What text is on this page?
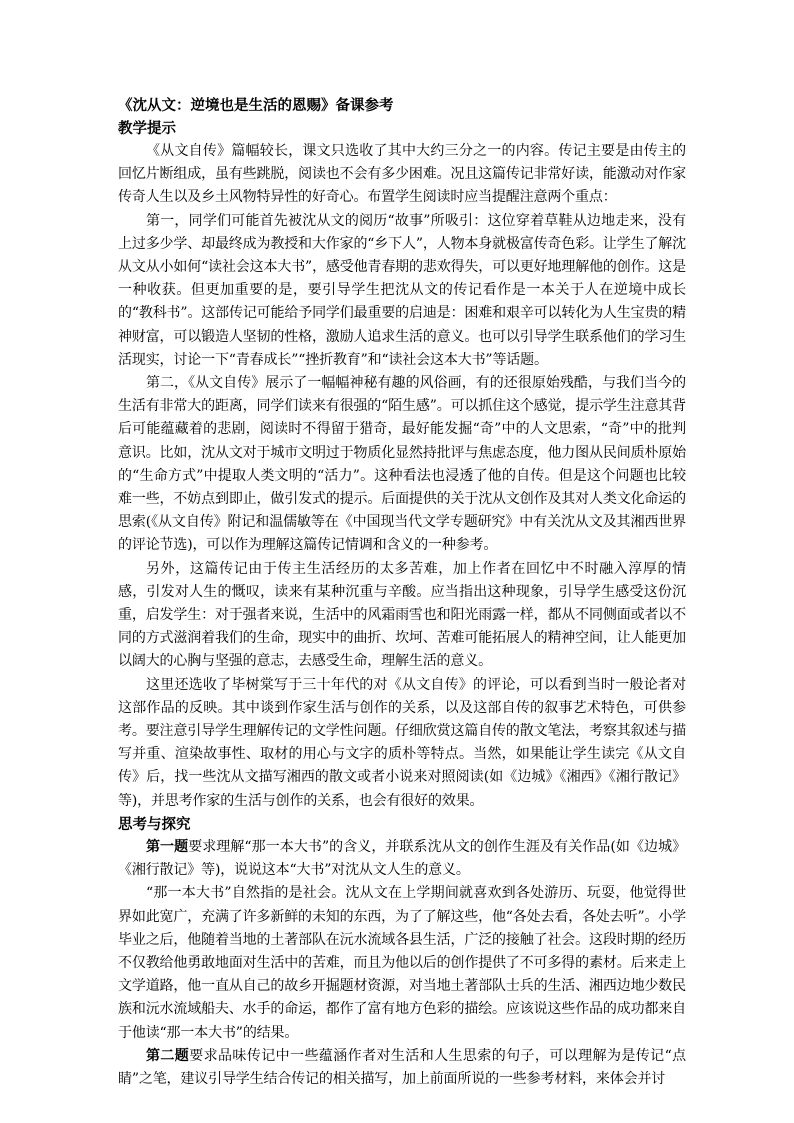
《沈从文：逆境也是生活的恩赐》备课参考

教学提示

《从文自传》篇幅较长，课文只选收了其中大约三分之一的内容。传记主要是由传主的回忆片断组成，虽有些跳脱，阅读也不会有多少困难。况且这篇传记非常好读，能激动对作家传奇人生以及乡土风物特异性的好奇心。布置学生阅读时应当提醒注意两个重点：

第一，同学们可能首先被沈从文的阅历“故事”所吸引：这位穿着草鞋从边地走来，没有上过多少学、却最终成为教授和大作家的“乡下人”，人物本身就极富传奇色彩。让学生了解沈从文从小如何“读社会这本大书”，感受他青春期的悲欢得失，可以更好地理解他的创作。这是一种收获。但更加重要的是，要引导学生把沈从文的传记看作是一本关于人在逆境中成长的“教科书”。这部传记可能给予同学们最重要的启迪是：困难和艰辛可以转化为人生宝贵的精神财富，可以锻造人坚韧的性格，激励人追求生活的意义。也可以引导学生联系他们的学习生活现实，讨论一下“青春成长”“挫折教育”和“读社会这本大书”等话题。

第二，《从文自传》展示了一幅幅神秘有趣的风俗画，有的还很原始残酷，与我们当今的生活有非常大的距离，同学们读来有很强的“陌生感”。可以抓住这个感觉，提示学生注意其背后可能蕴藏着的悲剧，阅读时不得留于猎奇，最好能发掘“奇”中的人文思索，“奇”中的批判意识。比如，沈从文对于城市文明过于物质化显然持批评与焦虑态度，他力图从民间质朴原始的“生命方式”中提取人类文明的“活力”。这种看法也浸透了他的自传。但是这个问题也比较难一些，不妨点到即止，做引发式的提示。后面提供的关于沈从文创作及其对人类文化命运的思索(《从文自传》附记和温儒敏等在《中国现当代文学专题研究》中有关沈从文及其湘西世界的评论节选)，可以作为理解这篇传记情调和含义的一种参考。

另外，这篇传记由于传主生活经历的太多苦难，加上作者在回忆中不时融入淳厚的情感，引发对人生的慨叹，读来有某种沉重与辛酸。应当指出这种现象，引导学生感受这份沉重，启发学生：对于强者来说，生活中的风霜雨雪也和阳光雨露一样，都从不同侧面或者以不同的方式滋润着我们的生命，现实中的曲折、坎坷、苦难可能拓展人的精神空间，让人能更加以阔大的心胸与坚强的意志，去感受生命，理解生活的意义。

这里还选收了毕树棠写于三十年代的对《从文自传》的评论，可以看到当时一般论者对这部作品的反映。其中谈到作家生活与创作的关系，以及这部自传的叙事艺术特色，可供参考。要注意引导学生理解传记的文学性问题。仔细欣赏这篇自传的散文笔法，考察其叙述与描写并重、渲染故事性、取材的用心与文字的质朴等特点。当然，如果能让学生读完《从文自传》后，找一些沈从文描写湘西的散文或者小说来对照阅读(如《边城》《湘西》《湘行散记》等)，并思考作家的生活与创作的关系，也会有很好的效果。

思考与探究

第一题要求理解“那一本大书”的含义，并联系沈从文的创作生涯及有关作品(如《边城》《湘行散记》等)，说说这本“大书”对沈从文人生的意义。

“那一本大书”自然指的是社会。沈从文在上学期间就喜欢到各处游历、玩耍，他觉得世界如此宽广，充满了许多新鲜的未知的东西，为了了解这些，他“各处去看，各处去听”。小学毕业之后，他随着当地的土著部队在沅水流域各县生活，广泛的接触了社会。这段时期的经历不仅教给他勇敢地面对生活中的苦难，而且为他以后的创作提供了不可多得的素材。后来走上文学道路，他一直从自己的故乡开掘题材资源，对当地土著部队士兵的生活、湘西边地少数民族和沅水流域船夫、水手的命运，都作了富有地方色彩的描绘。应该说这些作品的成功都来自于他读“那一本大书”的结果。

第二题要求品味传记中一些蕴涵作者对生活和人生思索的句子，可以理解为是传记“点睛”之笔，建议引导学生结合传记的相关描写，加上前面所说的一些参考材料，来体会并讨
